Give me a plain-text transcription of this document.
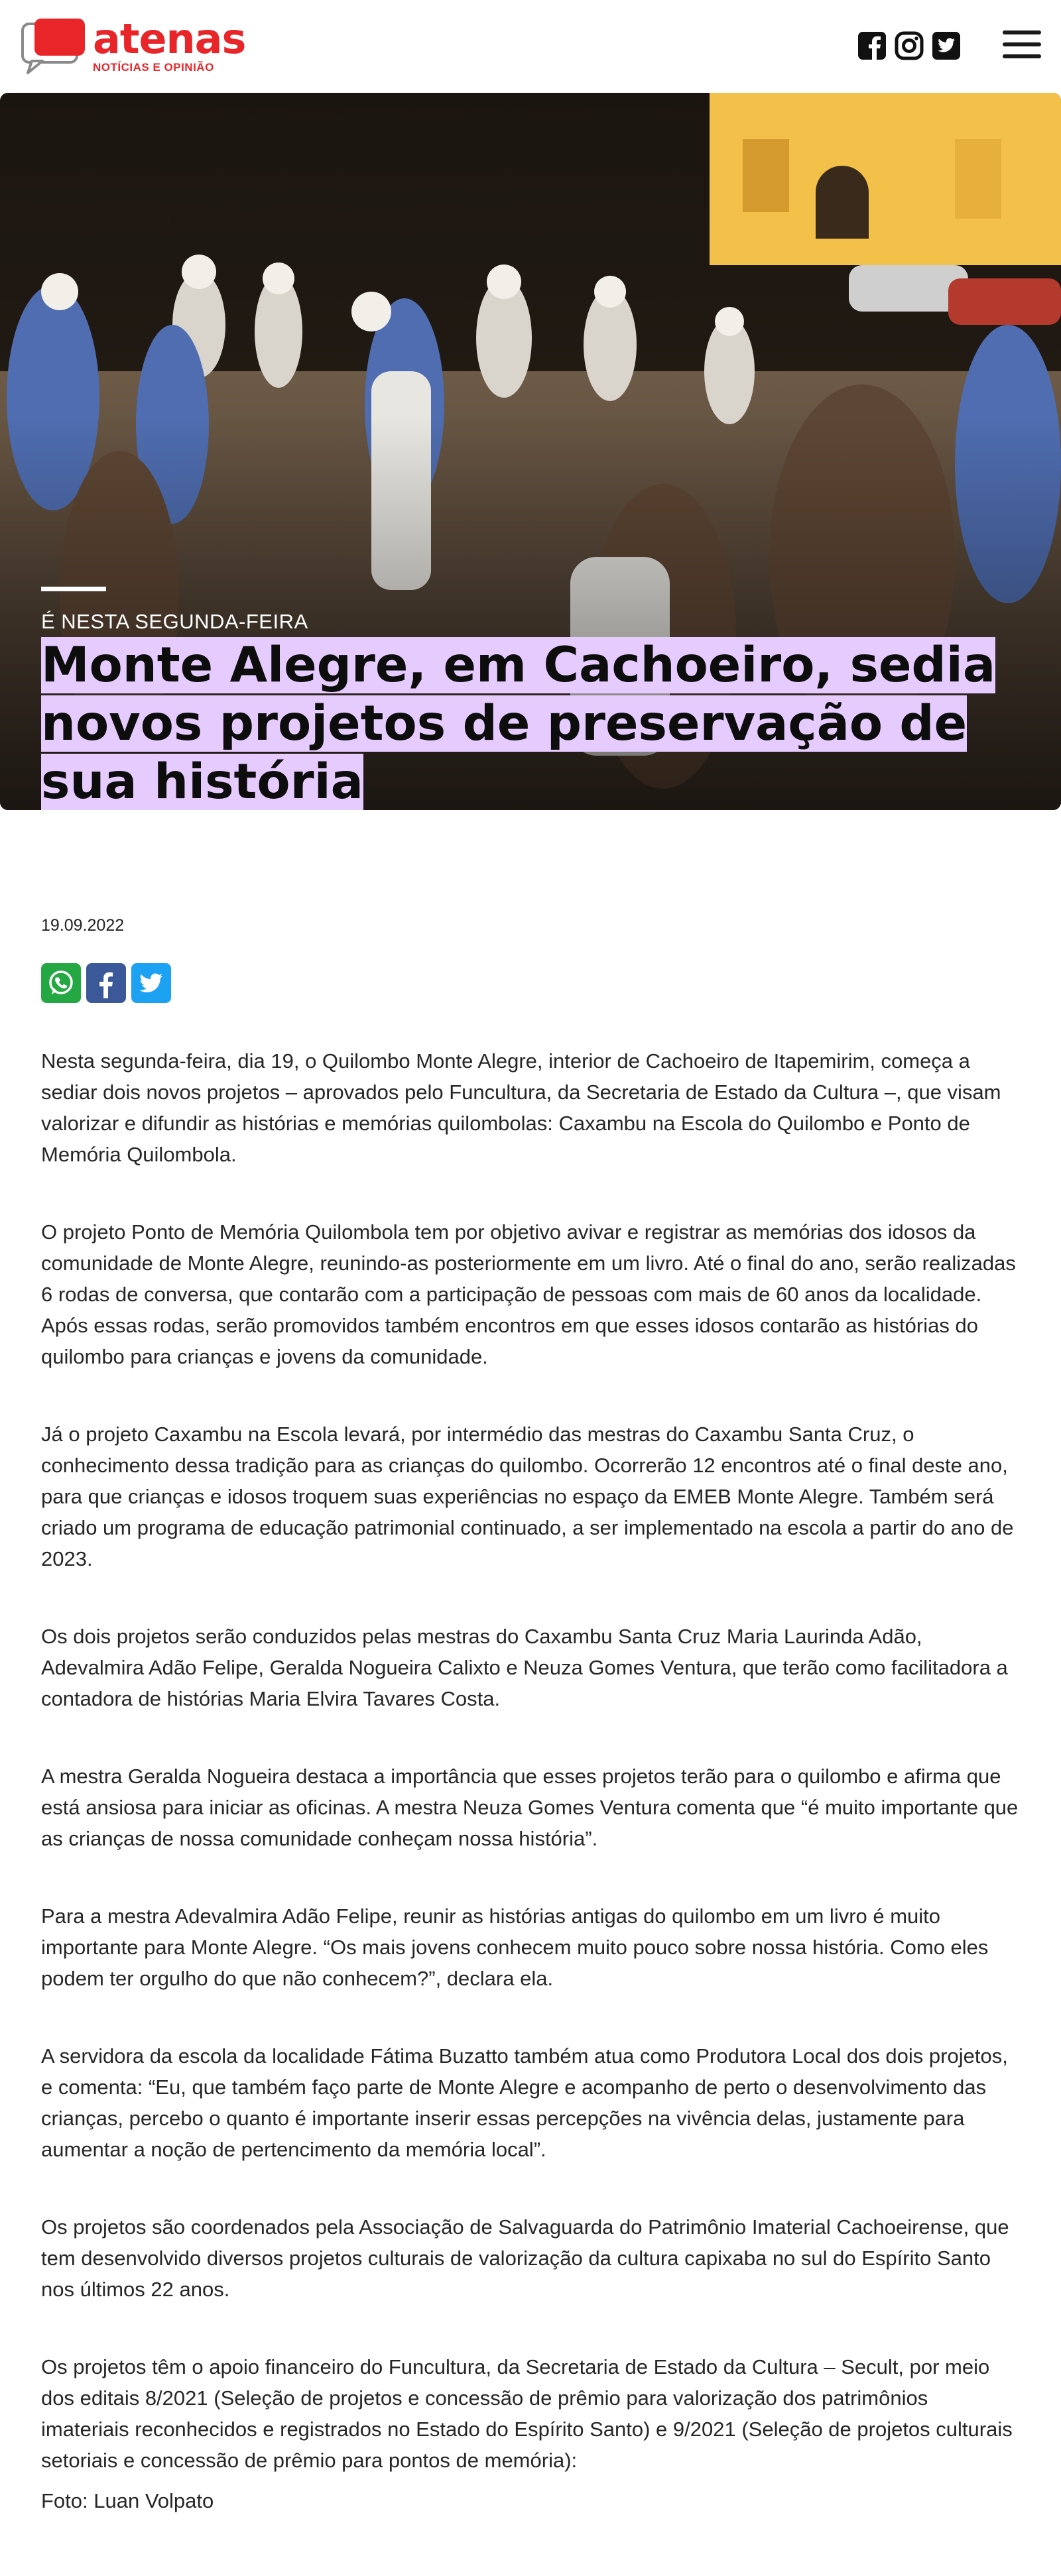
atenas
NOTÍCIAS E OPINIÃO
É NESTA SEGUNDA-FEIRA
Monte Alegre, em Cachoeiro, sedia novos projetos de preservação de sua história
19.09.2022

Nesta segunda-feira, dia 19, o Quilombo Monte Alegre, interior de Cachoeiro de Itapemirim, começa a sediar dois novos projetos – aprovados pelo Funcultura, da Secretaria de Estado da Cultura –, que visam valorizar e difundir as histórias e memórias quilombolas: Caxambu na Escola do Quilombo e Ponto de Memória Quilombola.

O projeto Ponto de Memória Quilombola tem por objetivo avivar e registrar as memórias dos idosos da comunidade de Monte Alegre, reunindo-as posteriormente em um livro. Até o final do ano, serão realizadas 6 rodas de conversa, que contarão com a participação de pessoas com mais de 60 anos da localidade. Após essas rodas, serão promovidos também encontros em que esses idosos contarão as histórias do quilombo para crianças e jovens da comunidade.

Já o projeto Caxambu na Escola levará, por intermédio das mestras do Caxambu Santa Cruz, o conhecimento dessa tradição para as crianças do quilombo. Ocorrerão 12 encontros até o final deste ano, para que crianças e idosos troquem suas experiências no espaço da EMEB Monte Alegre. Também será criado um programa de educação patrimonial continuado, a ser implementado na escola a partir do ano de 2023.

Os dois projetos serão conduzidos pelas mestras do Caxambu Santa Cruz Maria Laurinda Adão, Adevalmira Adão Felipe, Geralda Nogueira Calixto e Neuza Gomes Ventura, que terão como facilitadora a contadora de histórias Maria Elvira Tavares Costa.

A mestra Geralda Nogueira destaca a importância que esses projetos terão para o quilombo e afirma que está ansiosa para iniciar as oficinas. A mestra Neuza Gomes Ventura comenta que “é muito importante que as crianças de nossa comunidade conheçam nossa história”.

Para a mestra Adevalmira Adão Felipe, reunir as histórias antigas do quilombo em um livro é muito importante para Monte Alegre. “Os mais jovens conhecem muito pouco sobre nossa história. Como eles podem ter orgulho do que não conhecem?”, declara ela.

A servidora da escola da localidade Fátima Buzatto também atua como Produtora Local dos dois projetos, e comenta: “Eu, que também faço parte de Monte Alegre e acompanho de perto o desenvolvimento das crianças, percebo o quanto é importante inserir essas percepções na vivência delas, justamente para aumentar a noção de pertencimento da memória local”.

Os projetos são coordenados pela Associação de Salvaguarda do Patrimônio Imaterial Cachoeirense, que tem desenvolvido diversos projetos culturais de valorização da cultura capixaba no sul do Espírito Santo nos últimos 22 anos.

Os projetos têm o apoio financeiro do Funcultura, da Secretaria de Estado da Cultura – Secult, por meio dos editais 8/2021 (Seleção de projetos e concessão de prêmio para valorização dos patrimônios imateriais reconhecidos e registrados no Estado do Espírito Santo) e 9/2021 (Seleção de projetos culturais setoriais e concessão de prêmio para pontos de memória):

Foto: Luan Volpato
